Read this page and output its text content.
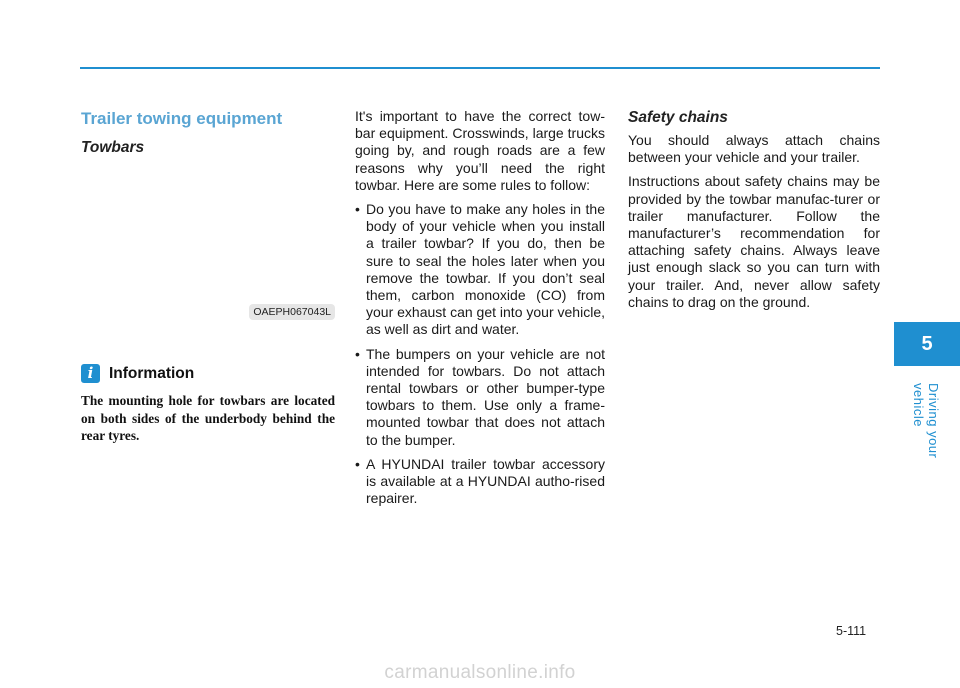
Trailer towing equipment
Towbars
OAEPH067043L
i	Information
The mounting hole for towbars are located on both sides of the underbody behind the rear tyres.

It's important to have the correct tow-bar equipment. Crosswinds, large trucks going by, and rough roads are a few reasons why you’ll need the right towbar. Here are some rules to follow:

• Do you have to make any holes in the body of your vehicle when you install a trailer towbar? If you do, then be sure to seal the holes later when you remove the towbar. If you don’t seal them, carbon monoxide (CO) from your exhaust can get into your vehicle, as well as dirt and water.
• The bumpers on your vehicle are not intended for towbars. Do not attach rental towbars or other bumper-type towbars to them. Use only a frame-mounted towbar that does not attach to the bumper.
• A HYUNDAI trailer towbar accessory is available at a HYUNDAI autho-rised repairer.
Safety chains

You should always attach chains between your vehicle and your trailer.

Instructions about safety chains may be provided by the towbar manufac-turer or trailer manufacturer. Follow the manufacturer’s recommendation for attaching safety chains. Always leave just enough slack so you can turn with your trailer. And, never allow safety chains to drag on the ground.

5
Driving your vehicle
5-111
carmanualsonline.info
